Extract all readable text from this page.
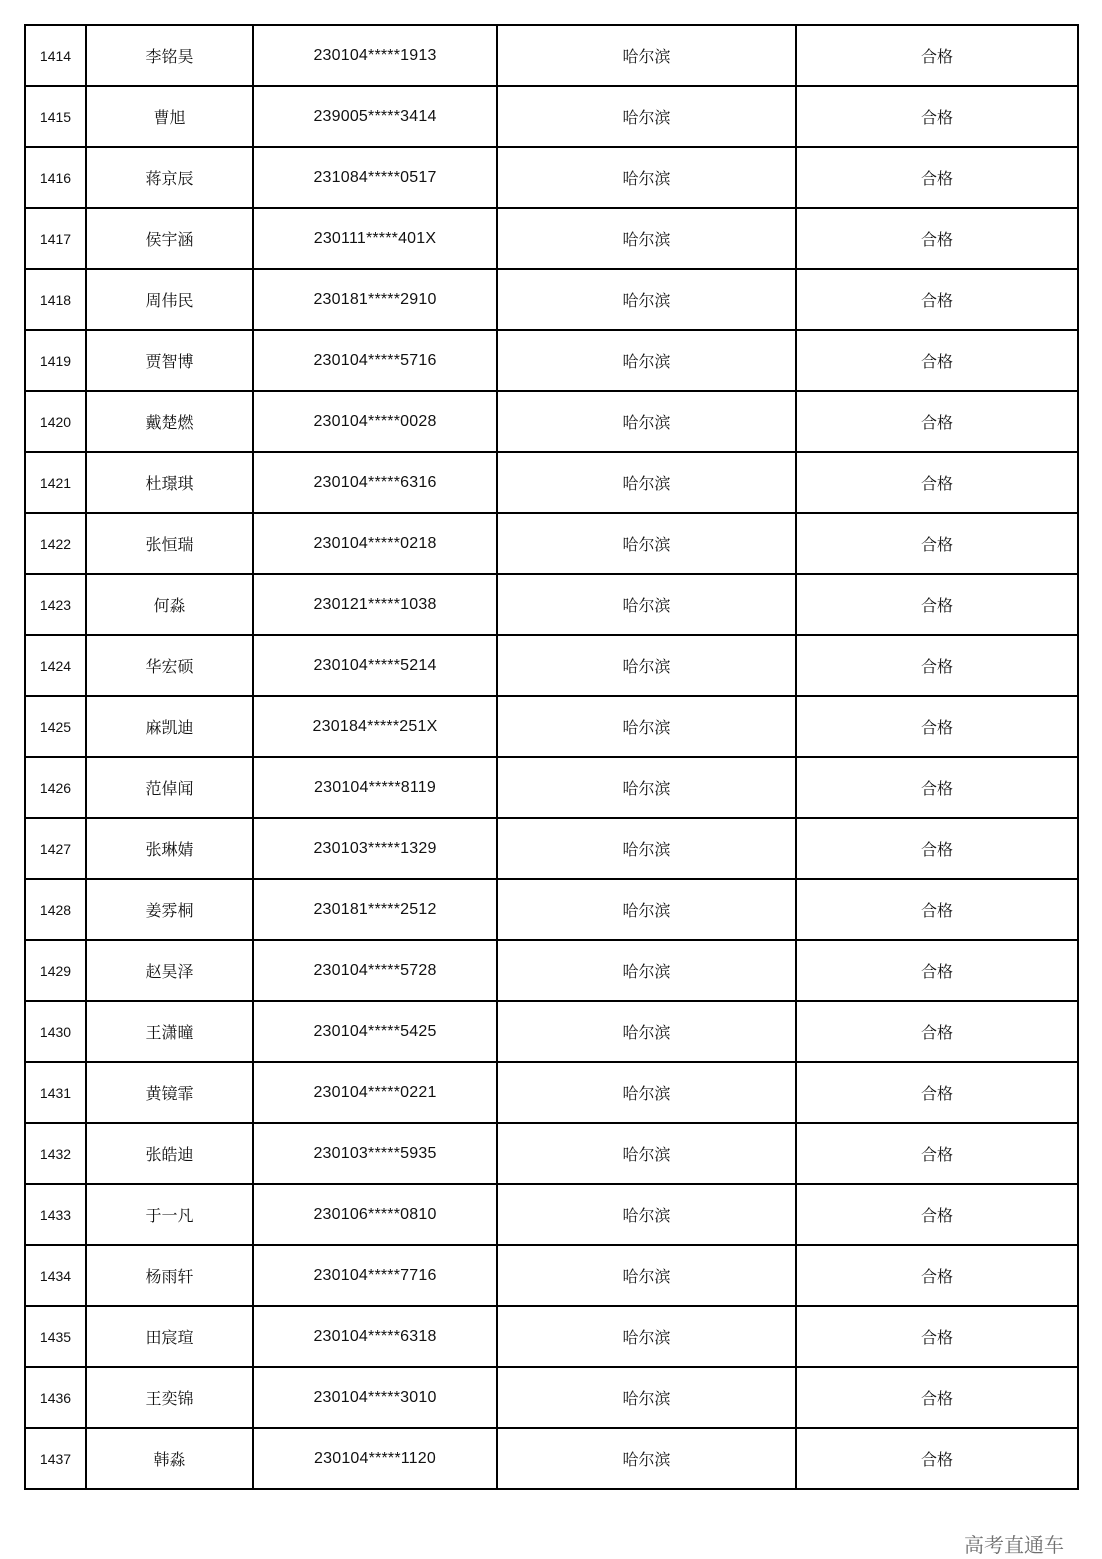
1414	李铭昊	230104*****1913	哈尔滨	合格
1415	曹旭	239005*****3414	哈尔滨	合格
1416	蒋京辰	231084*****0517	哈尔滨	合格
1417	侯宇涵	230111*****401X	哈尔滨	合格
1418	周伟民	230181*****2910	哈尔滨	合格
1419	贾智博	230104*****5716	哈尔滨	合格
1420	戴楚燃	230104*****0028	哈尔滨	合格
1421	杜璟琪	230104*****6316	哈尔滨	合格
1422	张恒瑞	230104*****0218	哈尔滨	合格
1423	何淼	230121*****1038	哈尔滨	合格
1424	华宏硕	230104*****5214	哈尔滨	合格
1425	麻凯迪	230184*****251X	哈尔滨	合格
1426	范倬闻	230104*****8119	哈尔滨	合格
1427	张琳婧	230103*****1329	哈尔滨	合格
1428	姜雰桐	230181*****2512	哈尔滨	合格
1429	赵昊泽	230104*****5728	哈尔滨	合格
1430	王潇曈	230104*****5425	哈尔滨	合格
1431	黄镜霏	230104*****0221	哈尔滨	合格
1432	张皓迪	230103*****5935	哈尔滨	合格
1433	于一凡	230106*****0810	哈尔滨	合格
1434	杨雨轩	230104*****7716	哈尔滨	合格
1435	田宸瑄	230104*****6318	哈尔滨	合格
1436	王奕锦	230104*****3010	哈尔滨	合格
1437	韩淼	230104*****1120	哈尔滨	合格
高考直通车
